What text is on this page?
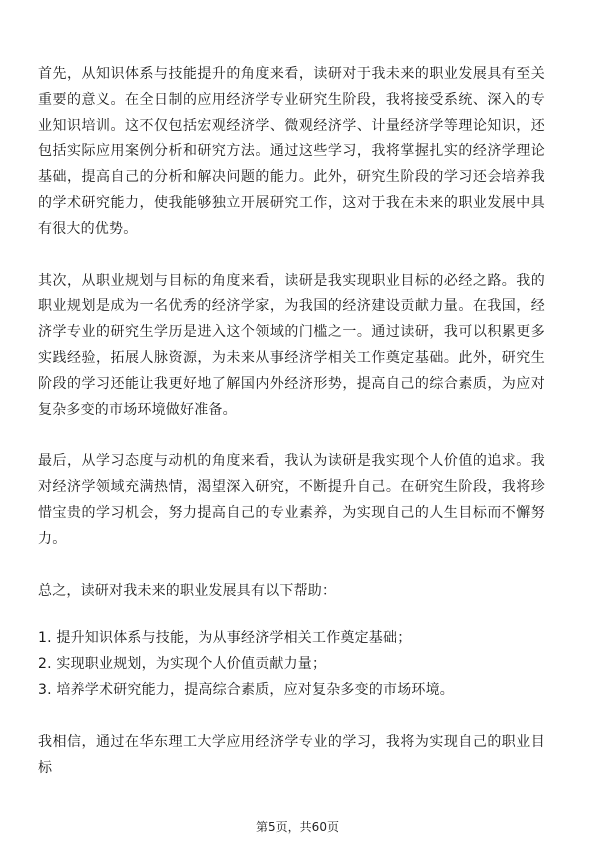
首先，从知识体系与技能提升的角度来看，读研对于我未来的职业发展具有至关重要的意义。在全日制的应用经济学专业研究生阶段，我将接受系统、深入的专业知识培训。这不仅包括宏观经济学、微观经济学、计量经济学等理论知识，还包括实际应用案例分析和研究方法。通过这些学习，我将掌握扎实的经济学理论基础，提高自己的分析和解决问题的能力。此外，研究生阶段的学习还会培养我的学术研究能力，使我能够独立开展研究工作，这对于我在未来的职业发展中具有很大的优势。

其次，从职业规划与目标的角度来看，读研是我实现职业目标的必经之路。我的职业规划是成为一名优秀的经济学家，为我国的经济建设贡献力量。在我国，经济学专业的研究生学历是进入这个领域的门槛之一。通过读研，我可以积累更多实践经验，拓展人脉资源，为未来从事经济学相关工作奠定基础。此外，研究生阶段的学习还能让我更好地了解国内外经济形势，提高自己的综合素质，为应对复杂多变的市场环境做好准备。

最后，从学习态度与动机的角度来看，我认为读研是我实现个人价值的追求。我对经济学领域充满热情，渴望深入研究，不断提升自己。在研究生阶段，我将珍惜宝贵的学习机会，努力提高自己的专业素养，为实现自己的人生目标而不懈努力。

总之，读研对我未来的职业发展具有以下帮助：

1. 提升知识体系与技能，为从事经济学相关工作奠定基础；
2. 实现职业规划，为实现个人价值贡献力量；
3. 培养学术研究能力，提高综合素质，应对复杂多变的市场环境。

我相信，通过在华东理工大学应用经济学专业的学习，我将为实现自己的职业目标

第5页，共60页
